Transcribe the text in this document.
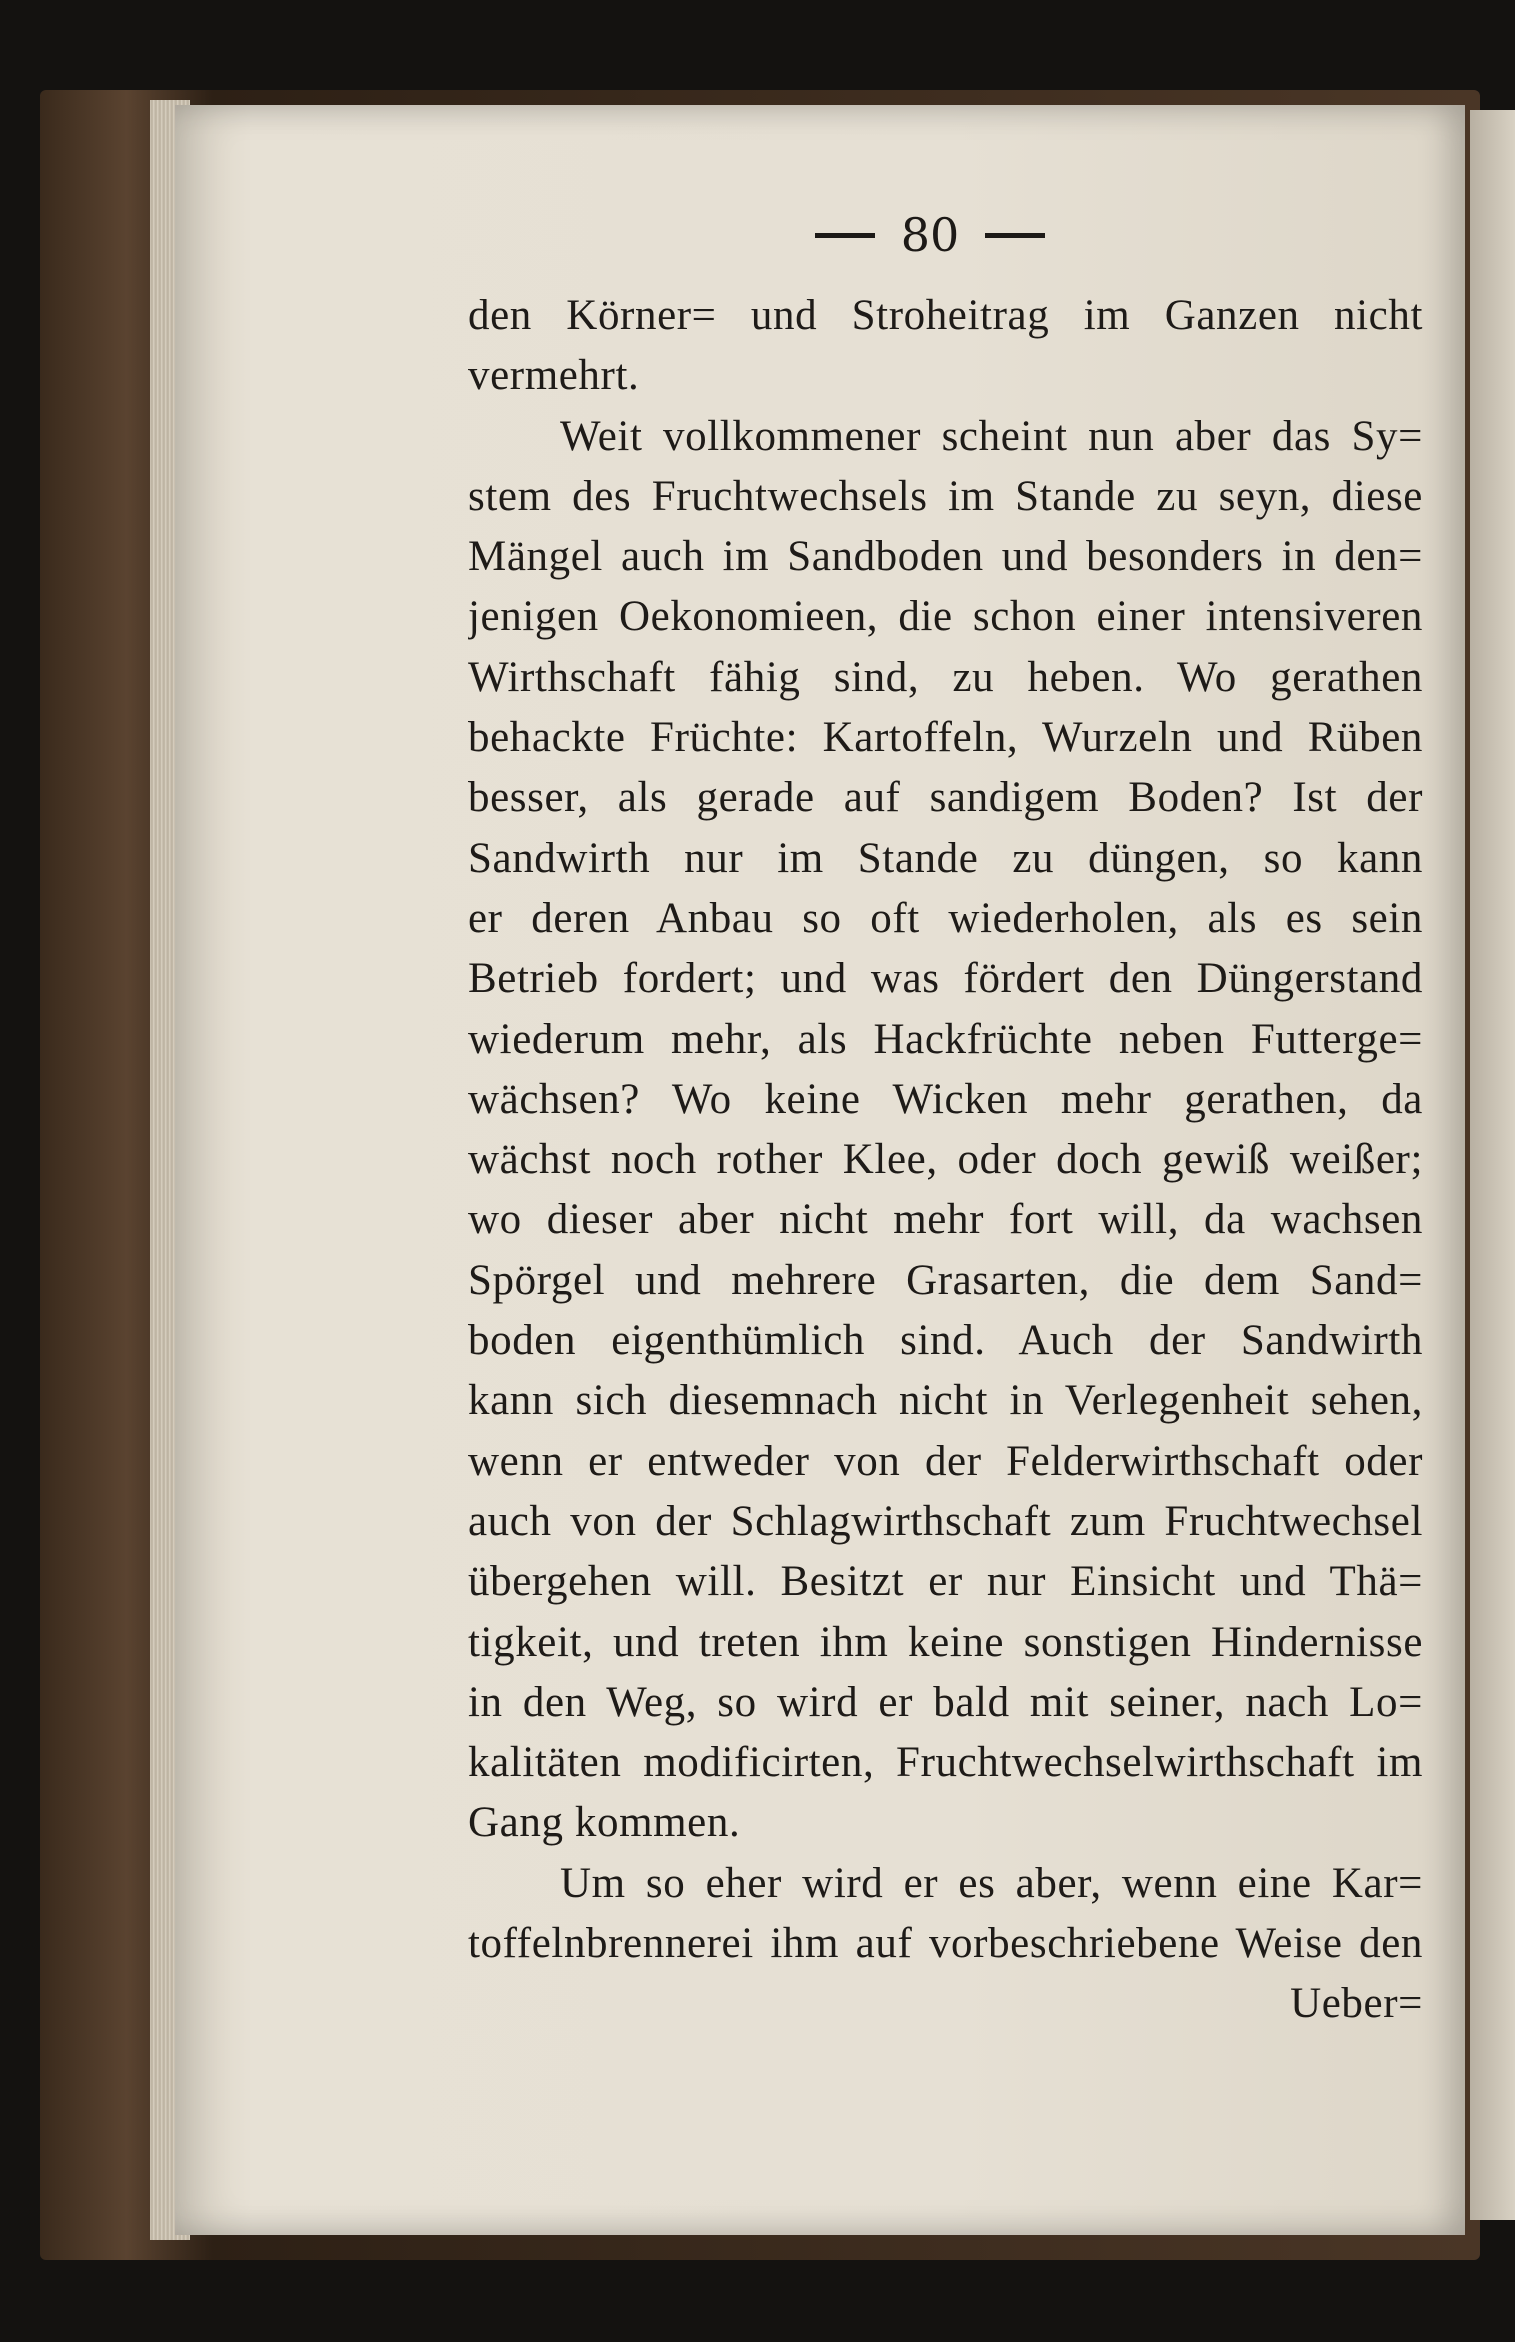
80
den Körner= und Stroheitrag im Ganzen nicht
vermehrt.
Weit vollkommener scheint nun aber das Sy=
stem des Fruchtwechsels im Stande zu seyn, diese
Mängel auch im Sandboden und besonders in den=
jenigen Oekonomieen, die schon einer intensiveren
Wirthschaft fähig sind, zu heben. Wo gerathen
behackte Früchte: Kartoffeln, Wurzeln und Rüben
besser, als gerade auf sandigem Boden? Ist der
Sandwirth nur im Stande zu düngen, so kann
er deren Anbau so oft wiederholen, als es sein
Betrieb fordert; und was fördert den Düngerstand
wiederum mehr, als Hackfrüchte neben Futterge=
wächsen? Wo keine Wicken mehr gerathen, da
wächst noch rother Klee, oder doch gewiß weißer;
wo dieser aber nicht mehr fort will, da wachsen
Spörgel und mehrere Grasarten, die dem Sand=
boden eigenthümlich sind. Auch der Sandwirth
kann sich diesemnach nicht in Verlegenheit sehen,
wenn er entweder von der Felderwirthschaft oder
auch von der Schlagwirthschaft zum Fruchtwechsel
übergehen will. Besitzt er nur Einsicht und Thä=
tigkeit, und treten ihm keine sonstigen Hindernisse
in den Weg, so wird er bald mit seiner, nach Lo=
kalitäten modificirten, Fruchtwechselwirthschaft im
Gang kommen.
Um so eher wird er es aber, wenn eine Kar=
toffelnbrennerei ihm auf vorbeschriebene Weise den
Ueber=
